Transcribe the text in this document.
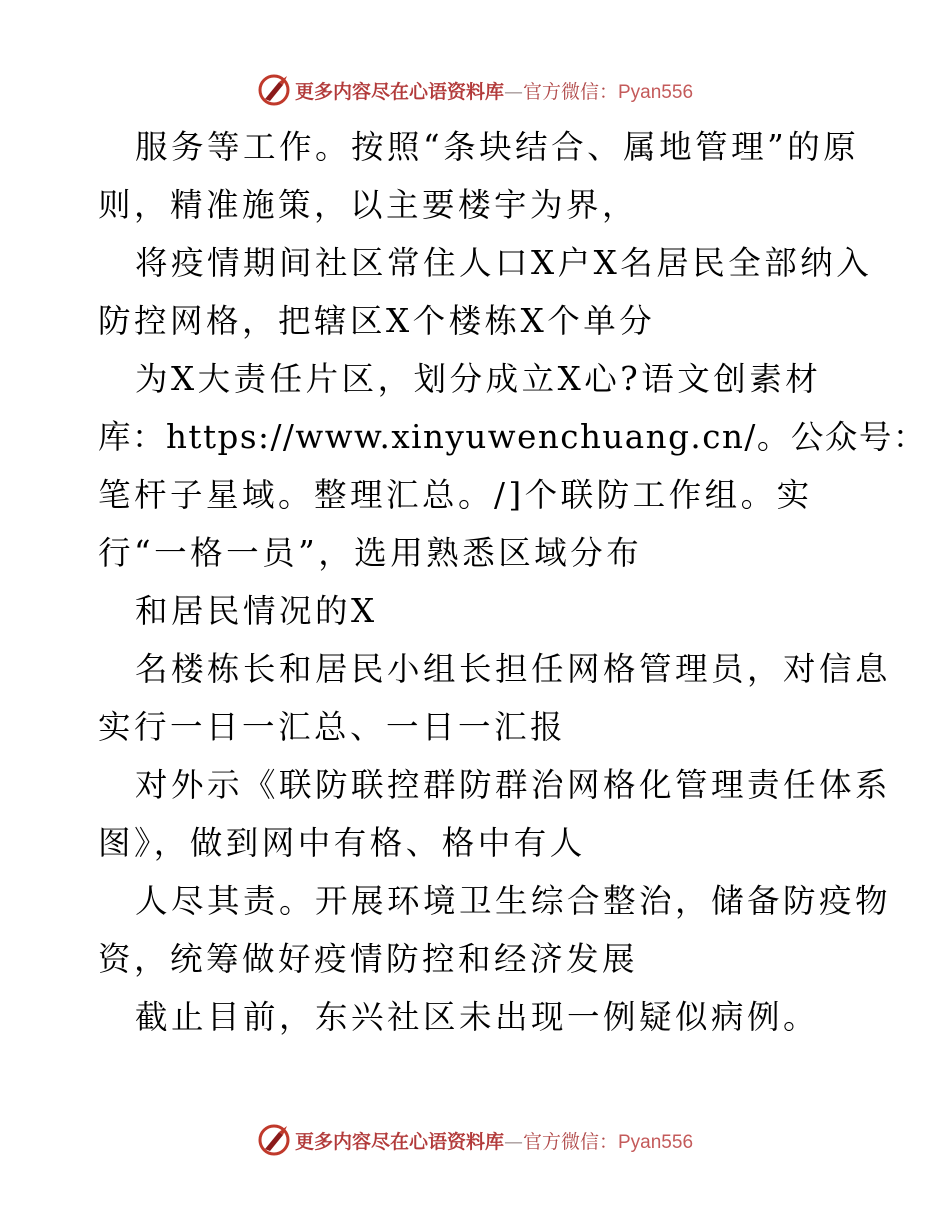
更多内容尽在心语资料库—官方微信：Pyan556
服务等工作。按照“条块结合、属地管理”的原
则，精准施策，以主要楼宇为界，
将疫情期间社区常住人口X户X名居民全部纳入
防控网格，把辖区X个楼栋X个单分
为X大责任片区，划分成立X心?语文创素材
库：https://www.xinyuwenchuang.cn/。公众号：
笔杆子星域。整理汇总。/]个联防工作组。实
行“一格一员”，选用熟悉区域分布
和居民情况的X
名楼栋长和居民小组长担任网格管理员，对信息
实行一日一汇总、一日一汇报
对外示《联防联控群防群治网格化管理责任体系
图》，做到网中有格、格中有人
人尽其责。开展环境卫生综合整治，储备防疫物
资，统筹做好疫情防控和经济发展
截止目前，东兴社区未出现一例疑似病例。
更多内容尽在心语资料库—官方微信：Pyan556
